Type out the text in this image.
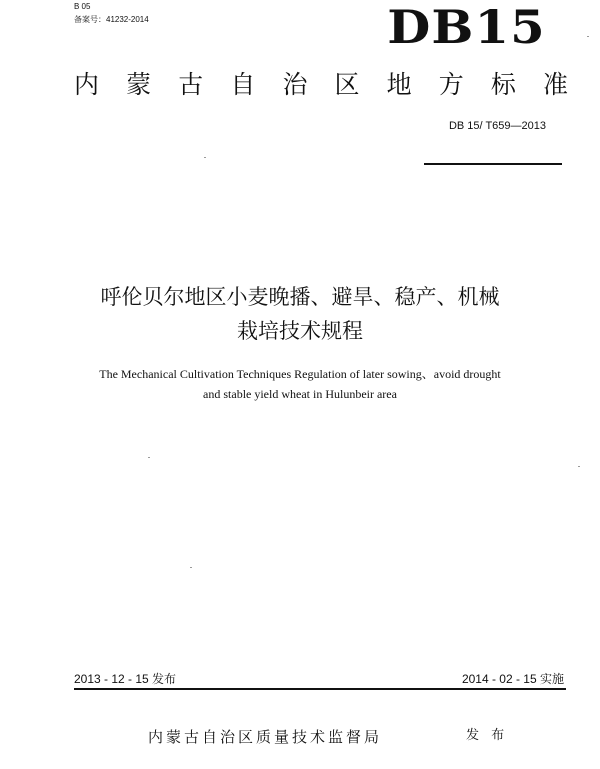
B 05
备案号：41232-2014	DB15
内 蒙 古 自 治 区 地 方 标 准
DB 15/ T659—2013
呼伦贝尔地区小麦晚播、避旱、稳产、机械
栽培技术规程
The Mechanical Cultivation Techniques Regulation of later sowing、avoid drought
and stable yield wheat in Hulunbeir area
2013 - 12 - 15 发布	2014 - 02 - 15 实施
内蒙古自治区质量技术监督局	发 布
